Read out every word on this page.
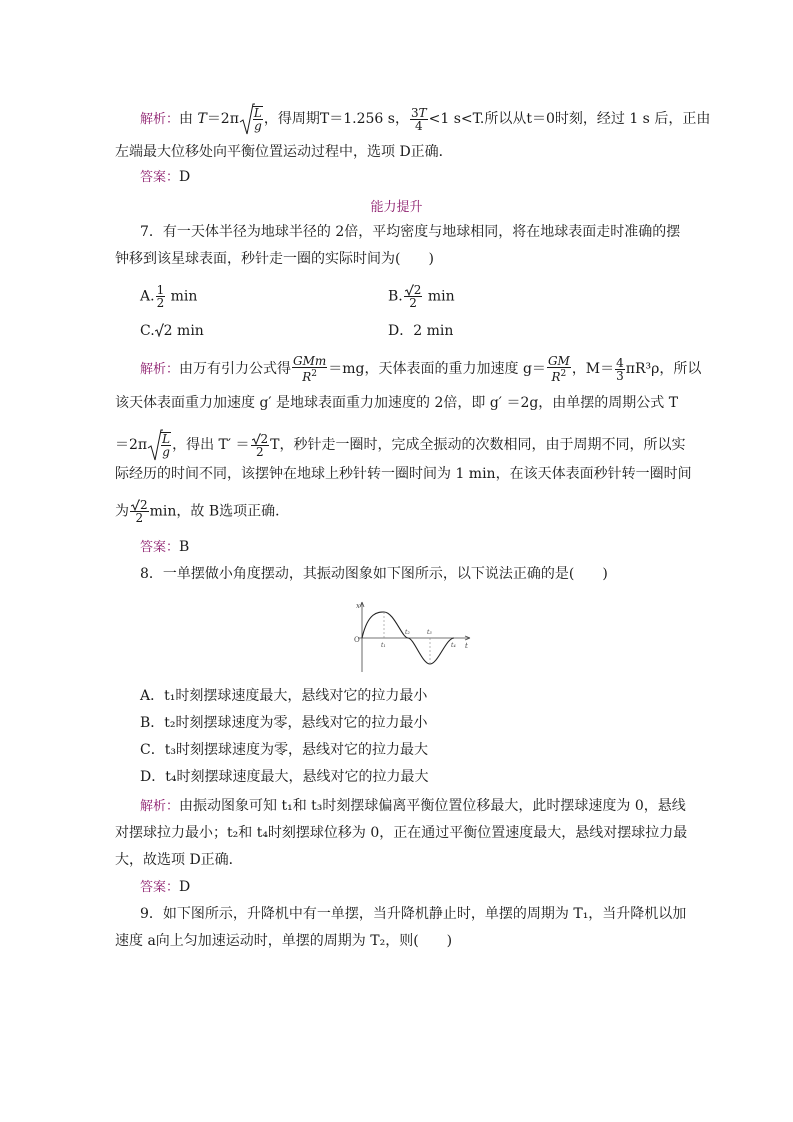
解析：由 $T=2\pi \frac{L}{g}$ ，得周期T＝1.256 s， $\frac{3T}{4} <1$ s<T.所以从t＝0时刻，经过 1 s 后，正由
左端最大位移处向平衡位置运动过程中，选项 D正确．
答案：D
能力提升
7．有一天体半径为地球半径的 2倍，平均密度与地球相同，将在地球表面走时准确的摆
钟移到该星球表面，秒针走一圈的实际时间为(　　)
A. $\frac{1}{2}$ min	B. $\frac{2}{2}$ min
C. 2 min	D．2 min
解析：由万有引力公式得 $\frac{\text{GMm}}{R^2} =mg$，天体表面的重力加速度 $g= \frac{GM}{R^2}$ ，$M= \frac{4}{3} \pi R^3\rho$，所以
该天体表面重力加速度 g′ 是地球表面重力加速度的 2倍，即 g′ ＝2g，由单摆的周期公式 T
$=2\pi \frac{L}{g}$ ，得出 $T' = \frac{2}{2}$ T，秒针走一圈时，完成全振动的次数相同，由于周期不同，所以实
际经历的时间不同，该摆钟在地球上秒针转一圈时间为 1 min，在该天体表面秒针转一圈时间
为 $\frac{2}{2}$ min，故 B选项正确．
答案：B
8．一单摆做小角度摆动，其振动图象如下图所示，以下说法正确的是(　　)
x
O
t
t₁
t₂	t₃
t₄
A．t₁时刻摆球速度最大，悬线对它的拉力最小
B．t₂时刻摆球速度为零，悬线对它的拉力最小
C．t₃时刻摆球速度为零，悬线对它的拉力最大
D．t₄时刻摆球速度最大，悬线对它的拉力最大
解析：由振动图象可知 t₁和 t₃时刻摆球偏离平衡位置位移最大，此时摆球速度为 0，悬线
对摆球拉力最小；t₂和 t₄时刻摆球位移为 0，正在通过平衡位置速度最大，悬线对摆球拉力最
大，故选项 D正确．
答案：D
9．如下图所示，升降机中有一单摆，当升降机静止时，单摆的周期为 T₁，当升降机以加
速度 a向上匀加速运动时，单摆的周期为 T₂，则(　　)
